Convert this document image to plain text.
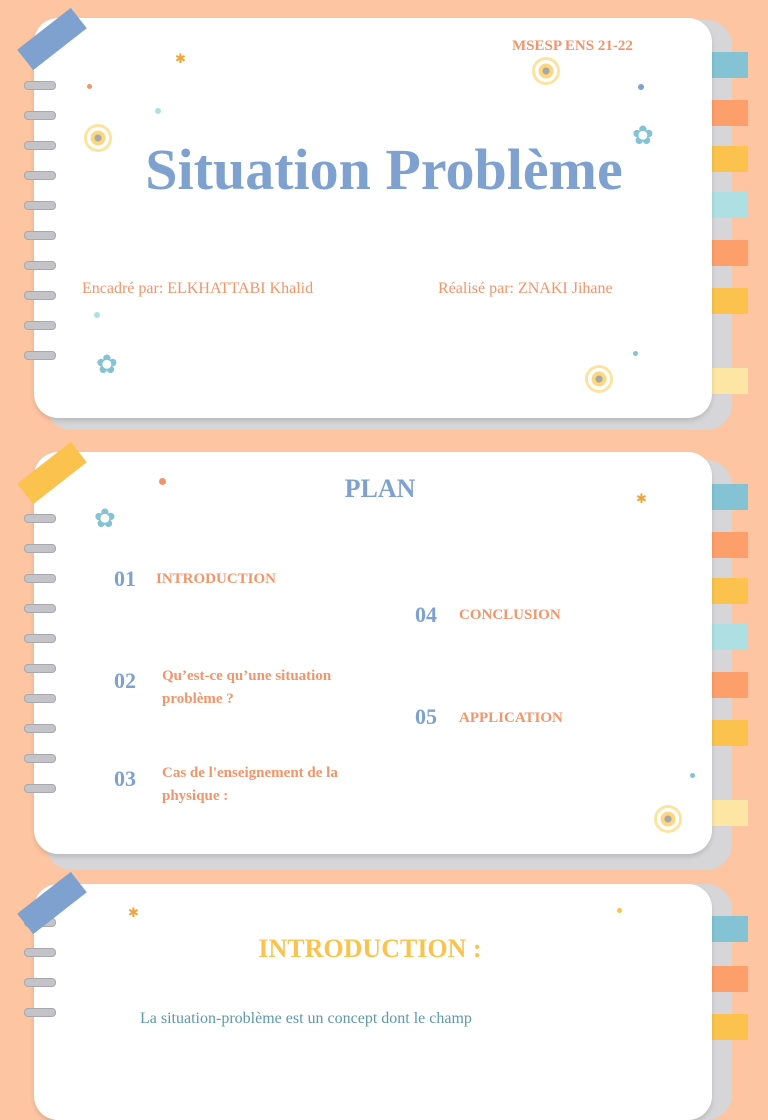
✿
✿
✱

MSESP ENS 21-22

Situation Problème

Encadré par: ELKHATTABI Khalid	Réalisé par: ZNAKI Jihane

✿
✱
PLAN
01 INTRODUCTION
02 Qu’est-ce qu’une situation problème ?
03 Cas de l'enseignement de la physique :
04 CONCLUSION
05 APPLICATION
✱
INTRODUCTION :

La situation-problème est un concept dont le champ
